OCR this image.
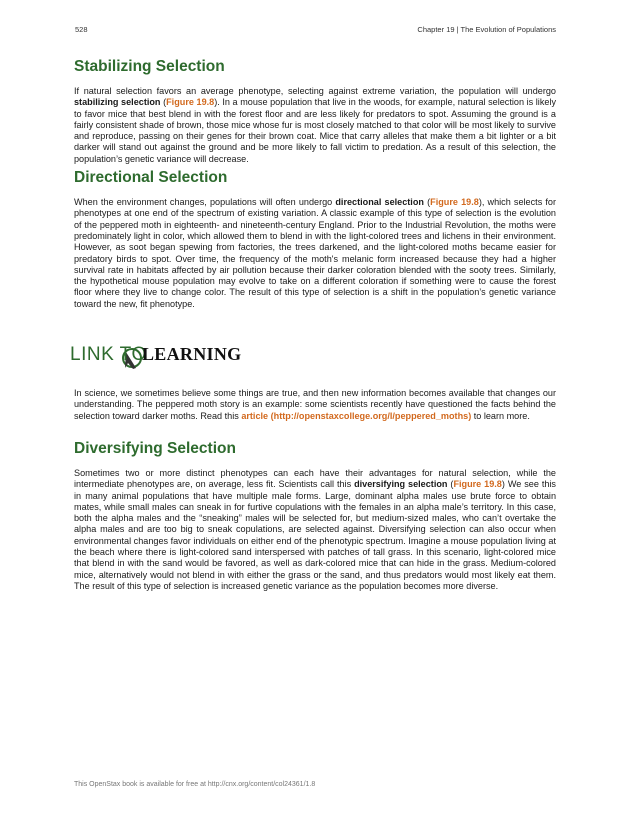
528	Chapter 19 | The Evolution of Populations
Stabilizing Selection

If natural selection favors an average phenotype, selecting against extreme variation, the population will undergo stabilizing selection (Figure 19.8). In a mouse population that live in the woods, for example, natural selection is likely to favor mice that best blend in with the forest floor and are less likely for predators to spot. Assuming the ground is a fairly consistent shade of brown, those mice whose fur is most closely matched to that color will be most likely to survive and reproduce, passing on their genes for their brown coat. Mice that carry alleles that make them a bit lighter or a bit darker will stand out against the ground and be more likely to fall victim to predation. As a result of this selection, the population’s genetic variance will decrease.

Directional Selection

When the environment changes, populations will often undergo directional selection (Figure 19.8), which selects for phenotypes at one end of the spectrum of existing variation. A classic example of this type of selection is the evolution of the peppered moth in eighteenth- and nineteenth-century England. Prior to the Industrial Revolution, the moths were predominately light in color, which allowed them to blend in with the light-colored trees and lichens in their environment. However, as soot began spewing from factories, the trees darkened, and the light-colored moths became easier for predatory birds to spot. Over time, the frequency of the moth's melanic form increased because they had a higher survival rate in habitats affected by air pollution because their darker coloration blended with the sooty trees. Similarly, the hypothetical mouse population may evolve to take on a different coloration if something were to cause the forest floor where they live to change color. The result of this type of selection is a shift in the population’s genetic variance toward the new, fit phenotype.

LINK TO
LEARNING

In science, we sometimes believe some things are true, and then new information becomes available that changes our understanding. The peppered moth story is an example: some scientists recently have questioned the facts behind the selection toward darker moths. Read this article (http://openstaxcollege.org/l/peppered_moths) to learn more.

Diversifying Selection

Sometimes two or more distinct phenotypes can each have their advantages for natural selection, while the intermediate phenotypes are, on average, less fit. Scientists call this diversifying selection (Figure 19.8) We see this in many animal populations that have multiple male forms. Large, dominant alpha males use brute force to obtain mates, while small males can sneak in for furtive copulations with the females in an alpha male’s territory. In this case, both the alpha males and the “sneaking” males will be selected for, but medium-sized males, who can’t overtake the alpha males and are too big to sneak copulations, are selected against. Diversifying selection can also occur when environmental changes favor individuals on either end of the phenotypic spectrum. Imagine a mouse population living at the beach where there is light-colored sand interspersed with patches of tall grass. In this scenario, light-colored mice that blend in with the sand would be favored, as well as dark-colored mice that can hide in the grass. Medium-colored mice, alternatively would not blend in with either the grass or the sand, and thus predators would most likely eat them. The result of this type of selection is increased genetic variance as the population becomes more diverse.

This OpenStax book is available for free at http://cnx.org/content/col24361/1.8
